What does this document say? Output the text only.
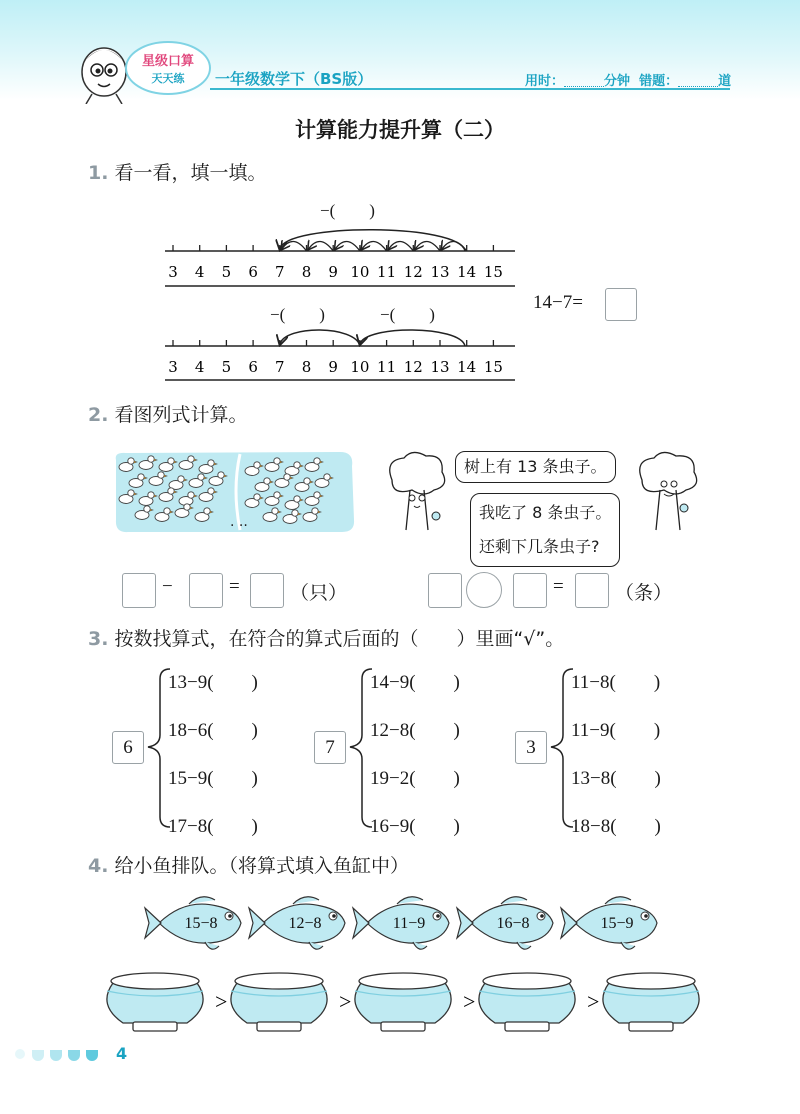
星级口算
天天练 一年级数学下（BS版）	用时：	分钟 错题：	道
计算能力提升算（二）
1. 看一看，填一填。
−(　　)
3 4 5 6 7 8 9 10 11 12 13 14 15
3 4 5 6 7 8 9 10 11 12 13 14 15
−(　　)	−(　　)
14−7=
2. 看图列式计算。
. ..
−	=	（只）
树上有 13 条虫子。
我吃了 8 条虫子。
还剩下几条虫子?
=	（条）
3. 按数找算式，在符合的算式后面的（　　）里画“√”。
6
13−9(　　)
18−6(　　)
15−9(　　)
17−8(　　)
7
14−9(　　)
12−8(　　)
19−2(　　)
16−9(　　)
3
11−8(　　)
11−9(　　)
13−8(　　)
18−8(　　)
4. 给小鱼排队。（将算式填入鱼缸中）
15−8	12−8	11−9	16−8	15−9
>	>	>	>
4
